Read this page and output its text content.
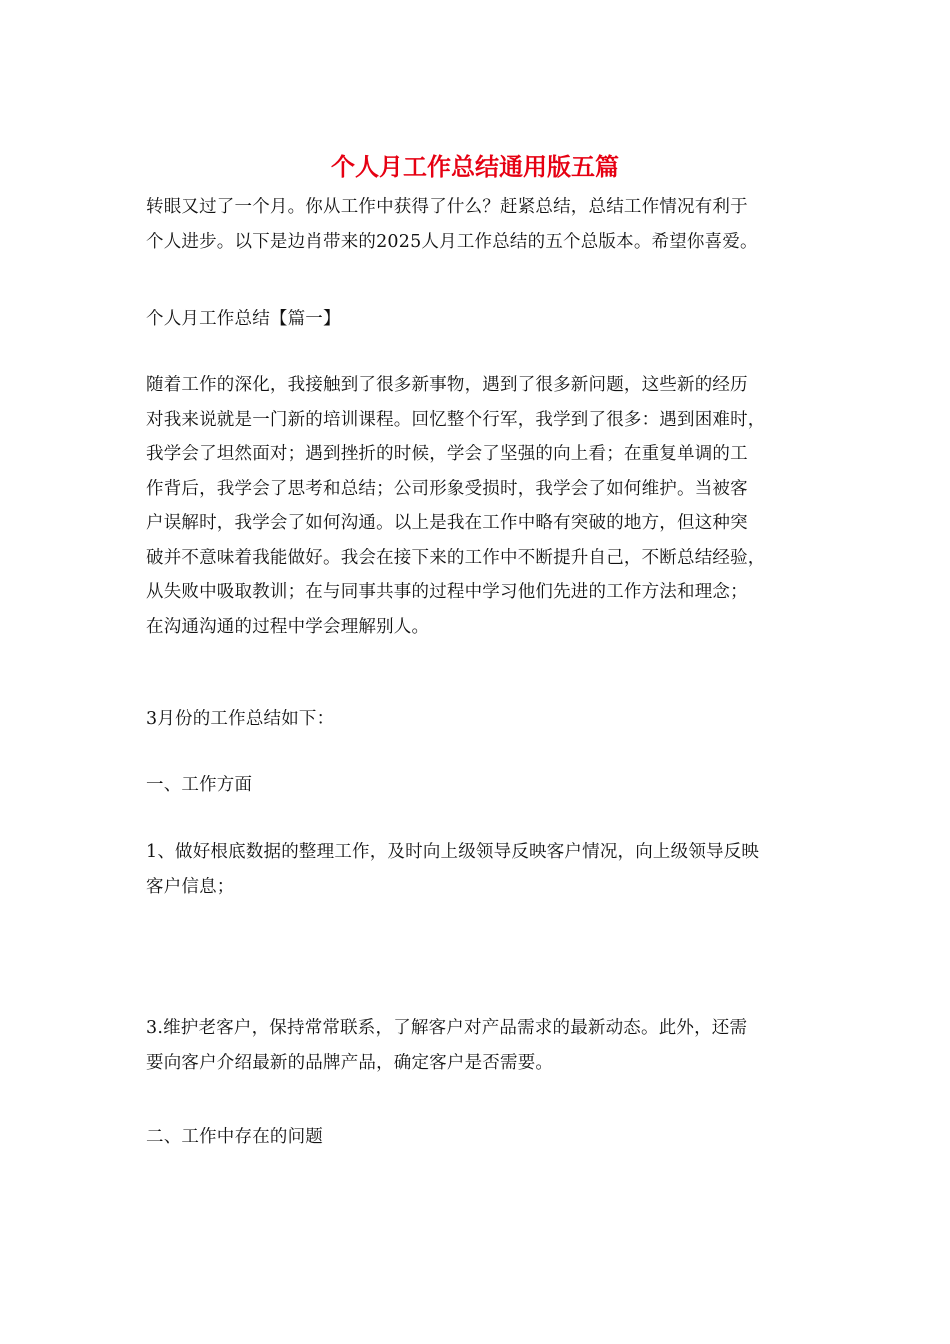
个人月工作总结通用版五篇
转眼又过了一个月。你从工作中获得了什么？赶紧总结，总结工作情况有利于
个人进步。以下是边肖带来的2025人月工作总结的五个总版本。希望你喜爱。
个人月工作总结【篇一】
随着工作的深化，我接触到了很多新事物，遇到了很多新问题，这些新的经历
对我来说就是一门新的培训课程。回忆整个行军，我学到了很多：遇到困难时，
我学会了坦然面对；遇到挫折的时候，学会了坚强的向上看；在重复单调的工
作背后，我学会了思考和总结；公司形象受损时，我学会了如何维护。当被客
户误解时，我学会了如何沟通。以上是我在工作中略有突破的地方，但这种突
破并不意味着我能做好。我会在接下来的工作中不断提升自己，不断总结经验，
从失败中吸取教训；在与同事共事的过程中学习他们先进的工作方法和理念；
在沟通沟通的过程中学会理解别人。
3月份的工作总结如下：
一、工作方面
1、做好根底数据的整理工作，及时向上级领导反映客户情况，向上级领导反映
客户信息；
3.维护老客户，保持常常联系，了解客户对产品需求的最新动态。此外，还需
要向客户介绍最新的品牌产品，确定客户是否需要。
二、工作中存在的问题
